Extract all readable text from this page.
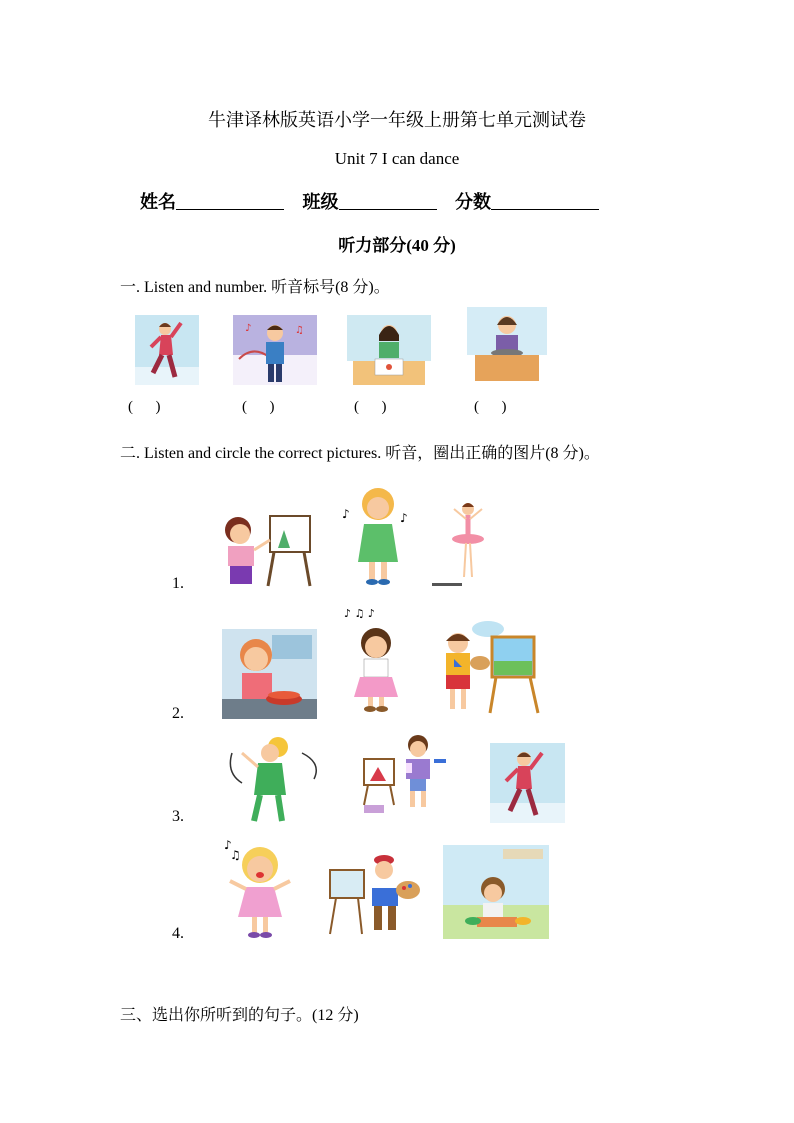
牛津译林版英语小学一年级上册第七单元测试卷
Unit 7 I can dance
姓名	班级	分数
听力部分(40 分)
一. Listen and number. 听音标号(8 分)。
♪	♫
(      )	(      )	(      )	(      )
二. Listen and circle the correct pictures. 听音，圈出正确的图片(8 分)。
1.
♪	♪
2.
♪ ♫ ♪
3.
4.
♪
♫
三、选出你所听到的句子。(12 分)
